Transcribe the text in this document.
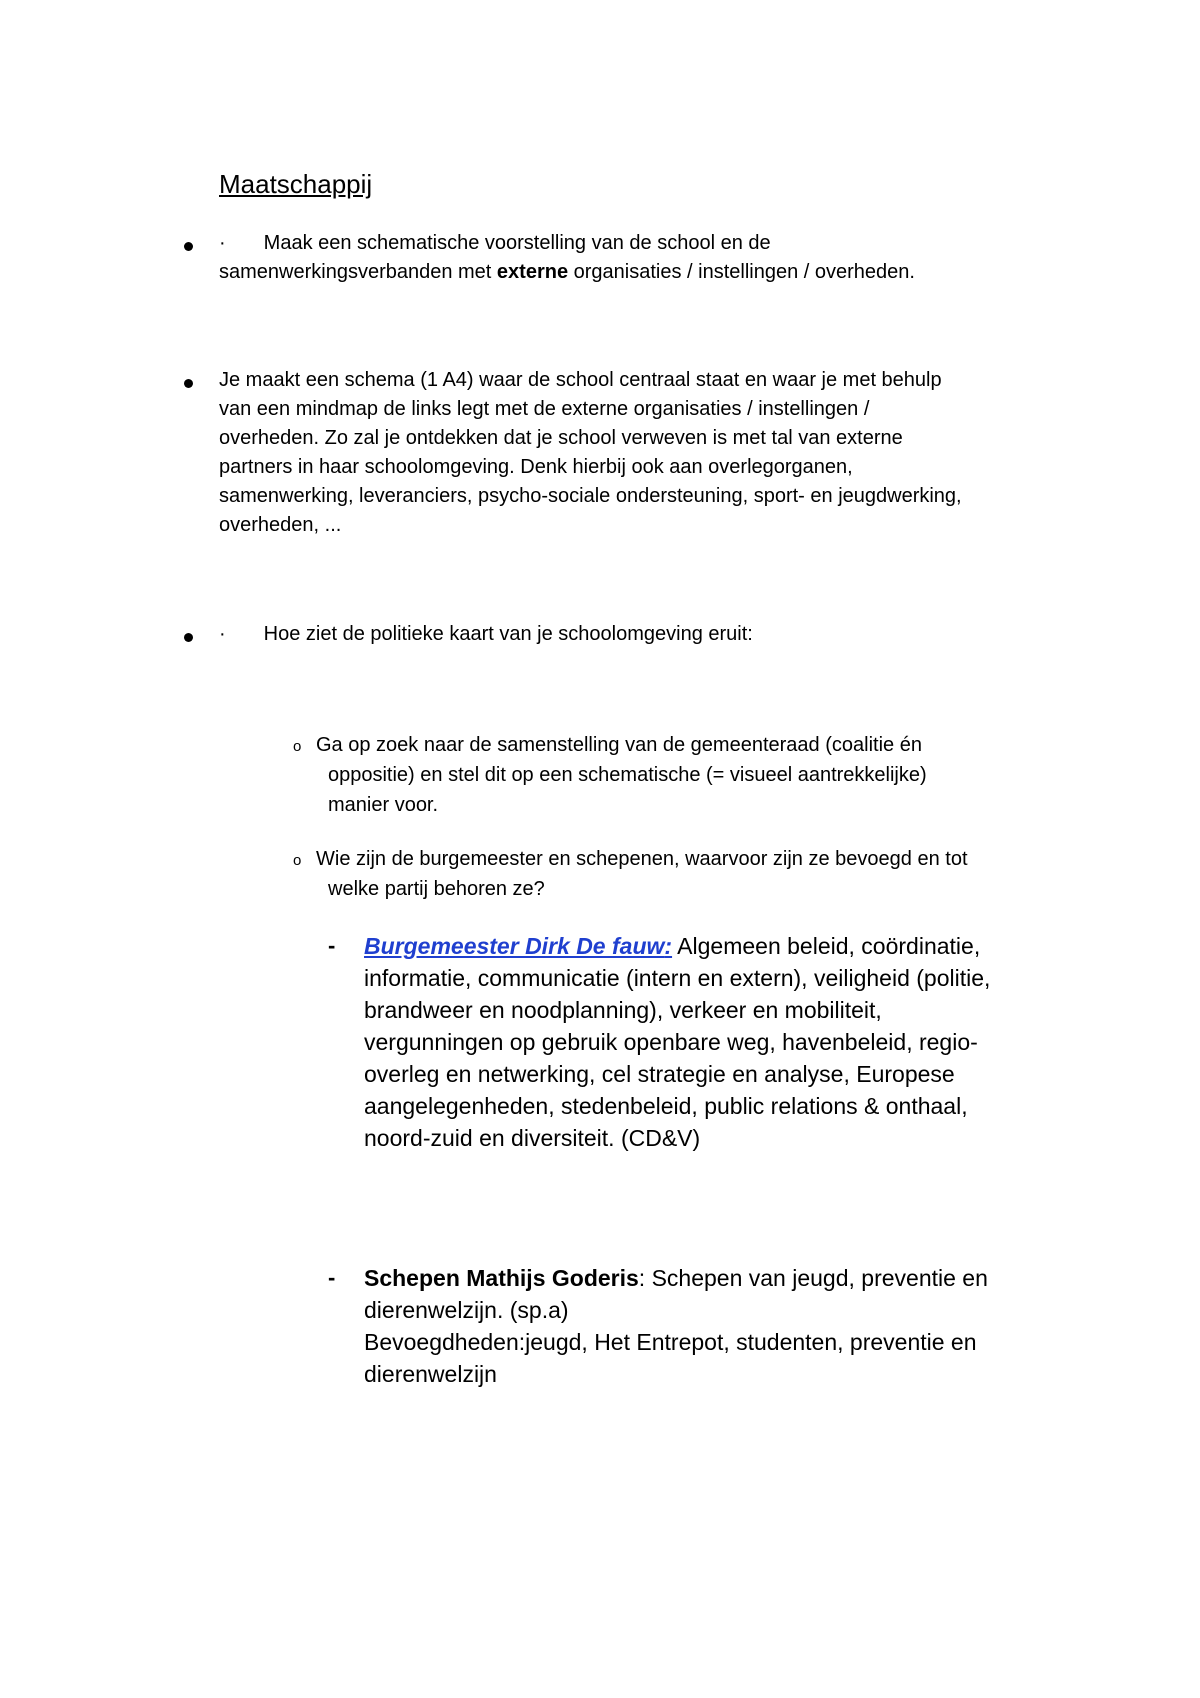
Maatschappij
· Maak een schematische voorstelling van de school en de
samenwerkingsverbanden met externe organisaties / instellingen / overheden.
Je maakt een schema (1 A4) waar de school centraal staat en waar je met behulp
van een mindmap de links legt met de externe organisaties / instellingen /
overheden. Zo zal je ontdekken dat je school verweven is met tal van externe
partners in haar schoolomgeving. Denk hierbij ook aan overlegorganen,
samenwerking, leveranciers, psycho-sociale ondersteuning, sport- en jeugdwerking,
overheden, ...
· Hoe ziet de politieke kaart van je schoolomgeving eruit:
o Ga op zoek naar de samenstelling van de gemeenteraad (coalitie én
oppositie) en stel dit op een schematische (= visueel aantrekkelijke)
manier voor.
o Wie zijn de burgemeester en schepenen, waarvoor zijn ze bevoegd en tot
welke partij behoren ze?
- Burgemeester Dirk De fauw: Algemeen beleid, coördinatie,
informatie, communicatie (intern en extern), veiligheid (politie,
brandweer en noodplanning), verkeer en mobiliteit,
vergunningen op gebruik openbare weg, havenbeleid, regio-
overleg en netwerking, cel strategie en analyse, Europese
aangelegenheden, stedenbeleid, public relations & onthaal,
noord-zuid en diversiteit. (CD&V)
- Schepen Mathijs Goderis: Schepen van jeugd, preventie en
dierenwelzijn. (sp.a)
Bevoegdheden:jeugd, Het Entrepot, studenten, preventie en
dierenwelzijn
